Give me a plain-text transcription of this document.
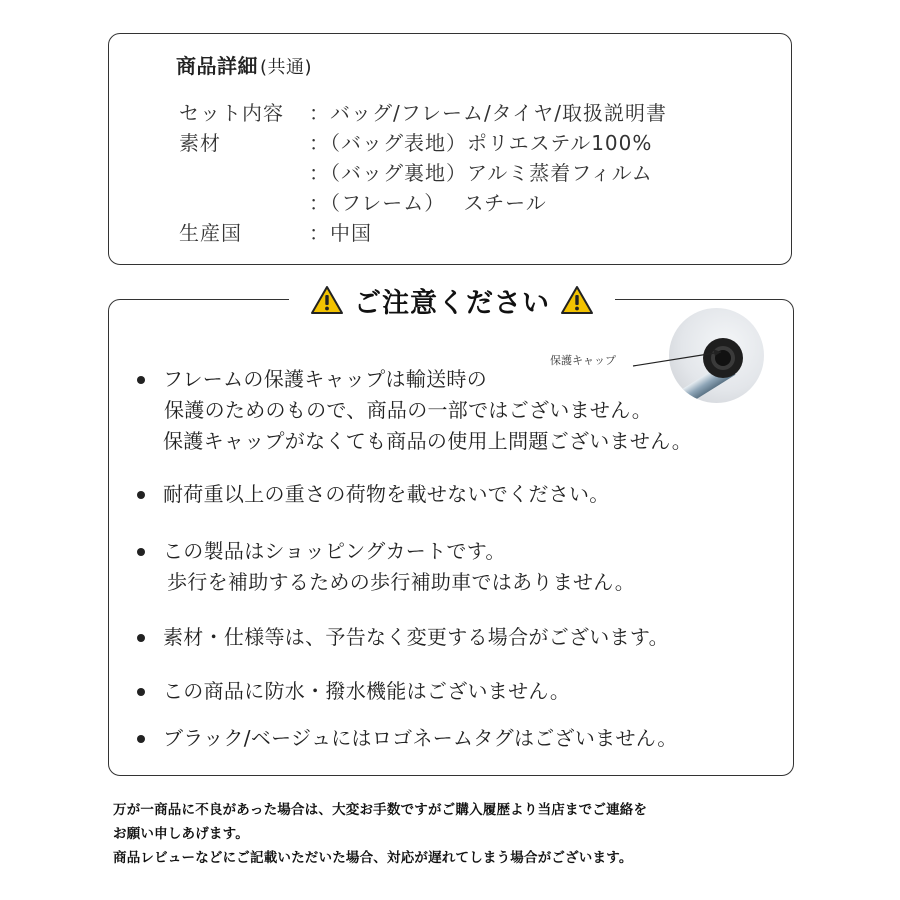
商品詳細 (共通)
セット内容 ：バッグ/フレーム/タイヤ/取扱説明書
素材	：（バッグ表地）ポリエステル100%
：（バッグ裏地）アルミ蒸着フィルム
：（フレーム）　 スチール
生産国	：中国
ご注意ください
保護キャップ
フレームの保護キャップは輸送時の
保護のためのもので、商品の一部ではございません。
保護キャップがなくても商品の使用上問題ございません。
耐荷重以上の重さの荷物を載せないでください。
この製品はショッピングカートです。
歩行を補助するための歩行補助車ではありません。
素材・仕様等は、予告なく変更する場合がございます。
この商品に防水・撥水機能はございません。
ブラック/ベージュにはロゴネームタグはございません。
万が一商品に不良があった場合は、大変お手数ですがご購入履歴より当店までご連絡を
お願い申しあげます。
商品レビューなどにご記載いただいた場合、対応が遅れてしまう場合がございます。
